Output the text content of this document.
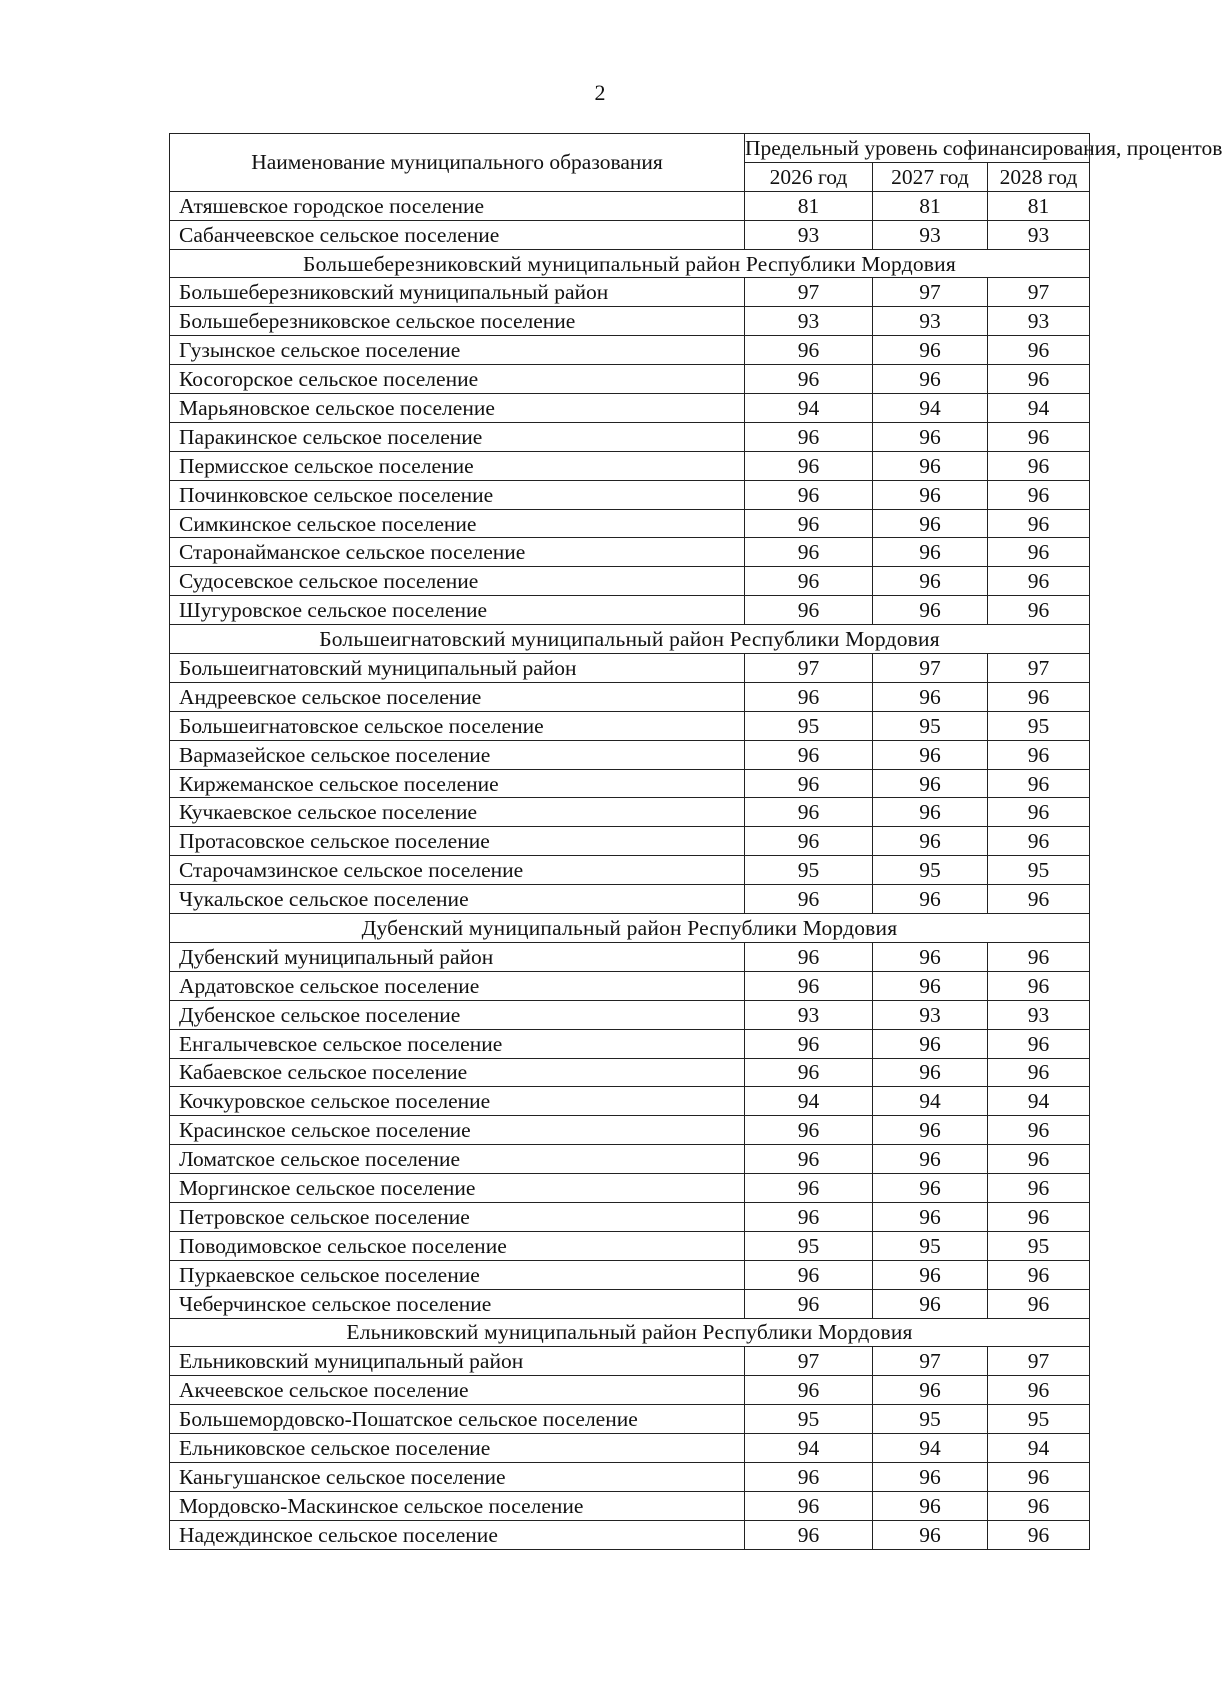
2
Наименование муниципального образования	Предельный уровень софинансирования, процентов		
	2026 год	2027 год	2028 год
Атяшевское городское поселение	81	81	81
Сабанчеевское сельское поселение	93	93	93
Большеберезниковский муниципальный район Республики Мордовия			
Большеберезниковский муниципальный район	97	97	97
Большеберезниковское сельское поселение	93	93	93
Гузынское сельское поселение	96	96	96
Косогорское сельское поселение	96	96	96
Марьяновское сельское поселение	94	94	94
Паракинское сельское поселение	96	96	96
Пермисское сельское поселение	96	96	96
Починковское сельское поселение	96	96	96
Симкинское сельское поселение	96	96	96
Старонайманское сельское поселение	96	96	96
Судосевское сельское поселение	96	96	96
Шугуровское сельское поселение	96	96	96
Большеигнатовский муниципальный район Республики Мордовия			
Большеигнатовский муниципальный район	97	97	97
Андреевское сельское поселение	96	96	96
Большеигнатовское сельское поселение	95	95	95
Вармазейское сельское поселение	96	96	96
Киржеманское сельское поселение	96	96	96
Кучкаевское сельское поселение	96	96	96
Протасовское сельское поселение	96	96	96
Старочамзинское сельское поселение	95	95	95
Чукальское сельское поселение	96	96	96
Дубенский муниципальный район Республики Мордовия			
Дубенский муниципальный район	96	96	96
Ардатовское сельское поселение	96	96	96
Дубенское сельское поселение	93	93	93
Енгалычевское сельское поселение	96	96	96
Кабаевское сельское поселение	96	96	96
Кочкуровское сельское поселение	94	94	94
Красинское сельское поселение	96	96	96
Ломатское сельское поселение	96	96	96
Моргинское сельское поселение	96	96	96
Петровское сельское поселение	96	96	96
Поводимовское сельское поселение	95	95	95
Пуркаевское сельское поселение	96	96	96
Чеберчинское сельское поселение	96	96	96
Ельниковский муниципальный район Республики Мордовия			
Ельниковский муниципальный район	97	97	97
Акчеевское сельское поселение	96	96	96
Большемордовско-Пошатское сельское поселение	95	95	95
Ельниковское сельское поселение	94	94	94
Каньгушанское сельское поселение	96	96	96
Мордовско-Маскинское сельское поселение	96	96	96
Надеждинское сельское поселение	96	96	96
